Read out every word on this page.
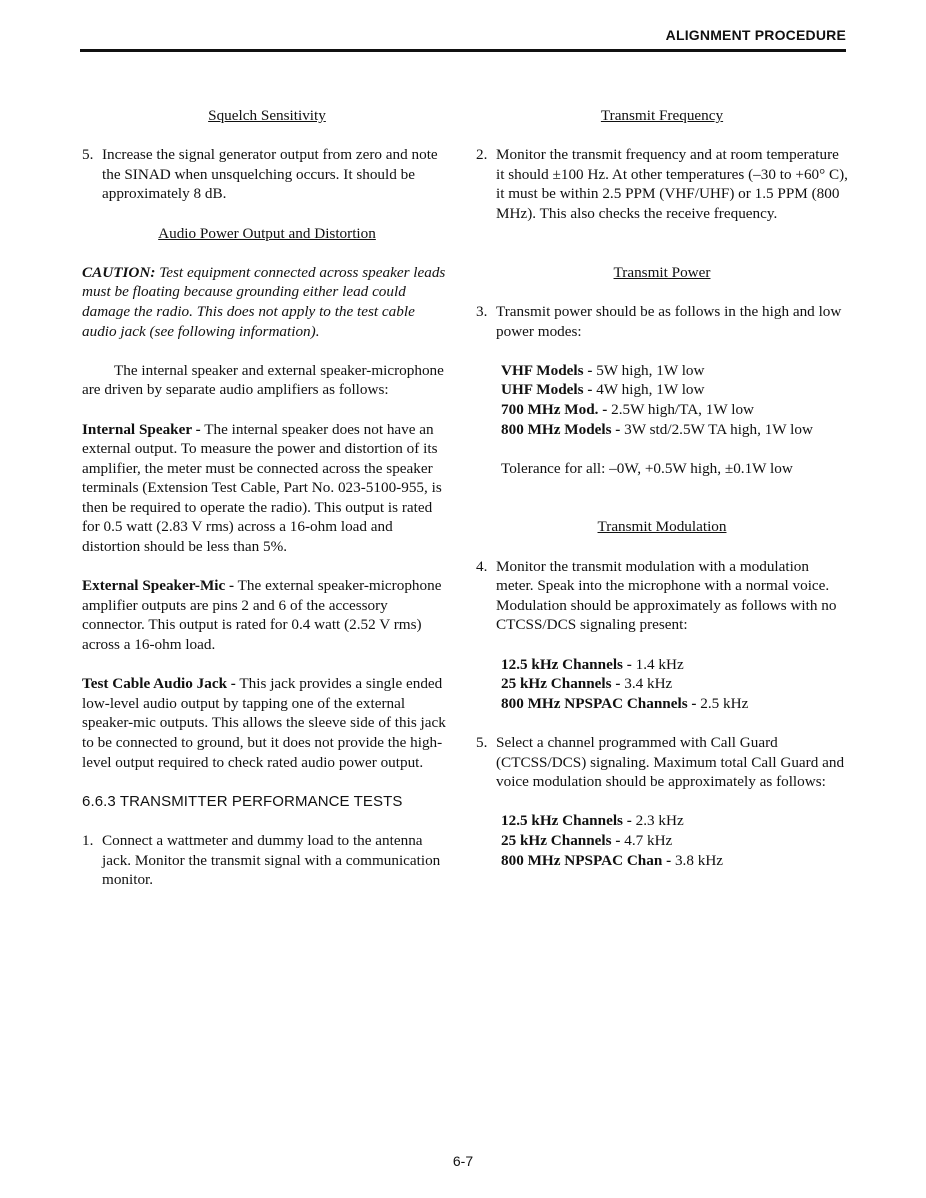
ALIGNMENT PROCEDURE

Squelch Sensitivity

5. Increase the signal generator output from zero and note the SINAD when unsquelching occurs. It should be approximately 8 dB.

Audio Power Output and Distortion

CAUTION: Test equipment connected across speaker leads must be floating because grounding either lead could damage the radio. This does not apply to the test cable audio jack (see following information).

The internal speaker and external speaker-microphone are driven by separate audio amplifiers as follows:

Internal Speaker - The internal speaker does not have an external output. To measure the power and distortion of its amplifier, the meter must be connected across the speaker terminals (Extension Test Cable, Part No. 023-5100-955, is then be required to operate the radio). This output is rated for 0.5 watt (2.83 V rms) across a 16-ohm load and distortion should be less than 5%.

External Speaker-Mic - The external speaker-microphone amplifier outputs are pins 2 and 6 of the accessory connector. This output is rated for 0.4 watt (2.52 V rms) across a 16-ohm load.

Test Cable Audio Jack - This jack provides a single ended low-level audio output by tapping one of the external speaker-mic outputs. This allows the sleeve side of this jack to be connected to ground, but it does not provide the high-level output required to check rated audio power output.

6.6.3 TRANSMITTER PERFORMANCE TESTS

1. Connect a wattmeter and dummy load to the antenna jack. Monitor the transmit signal with a communication monitor.

Transmit Frequency

2. Monitor the transmit frequency and at room temperature it should ±100 Hz. At other temperatures (–30 to +60° C), it must be within 2.5 PPM (VHF/UHF) or 1.5 PPM (800 MHz). This also checks the receive frequency.

Transmit Power

3. Transmit power should be as follows in the high and low power modes:

VHF Models - 5W high, 1W low

UHF Models - 4W high, 1W low

700 MHz Mod. - 2.5W high/TA, 1W low

800 MHz Models - 3W std/2.5W TA high, 1W low

Tolerance for all: –0W, +0.5W high, ±0.1W low

Transmit Modulation

4. Monitor the transmit modulation with a modulation meter. Speak into the microphone with a normal voice. Modulation should be approximately as follows with no CTCSS/DCS signaling present:

12.5 kHz Channels - 1.4 kHz

25 kHz Channels - 3.4 kHz

800 MHz NPSPAC Channels - 2.5 kHz

5. Select a channel programmed with Call Guard (CTCSS/DCS) signaling. Maximum total Call Guard and voice modulation should be approximately as follows:

12.5 kHz Channels - 2.3 kHz

25 kHz Channels - 4.7 kHz

800 MHz NPSPAC Chan - 3.8 kHz

6-7
